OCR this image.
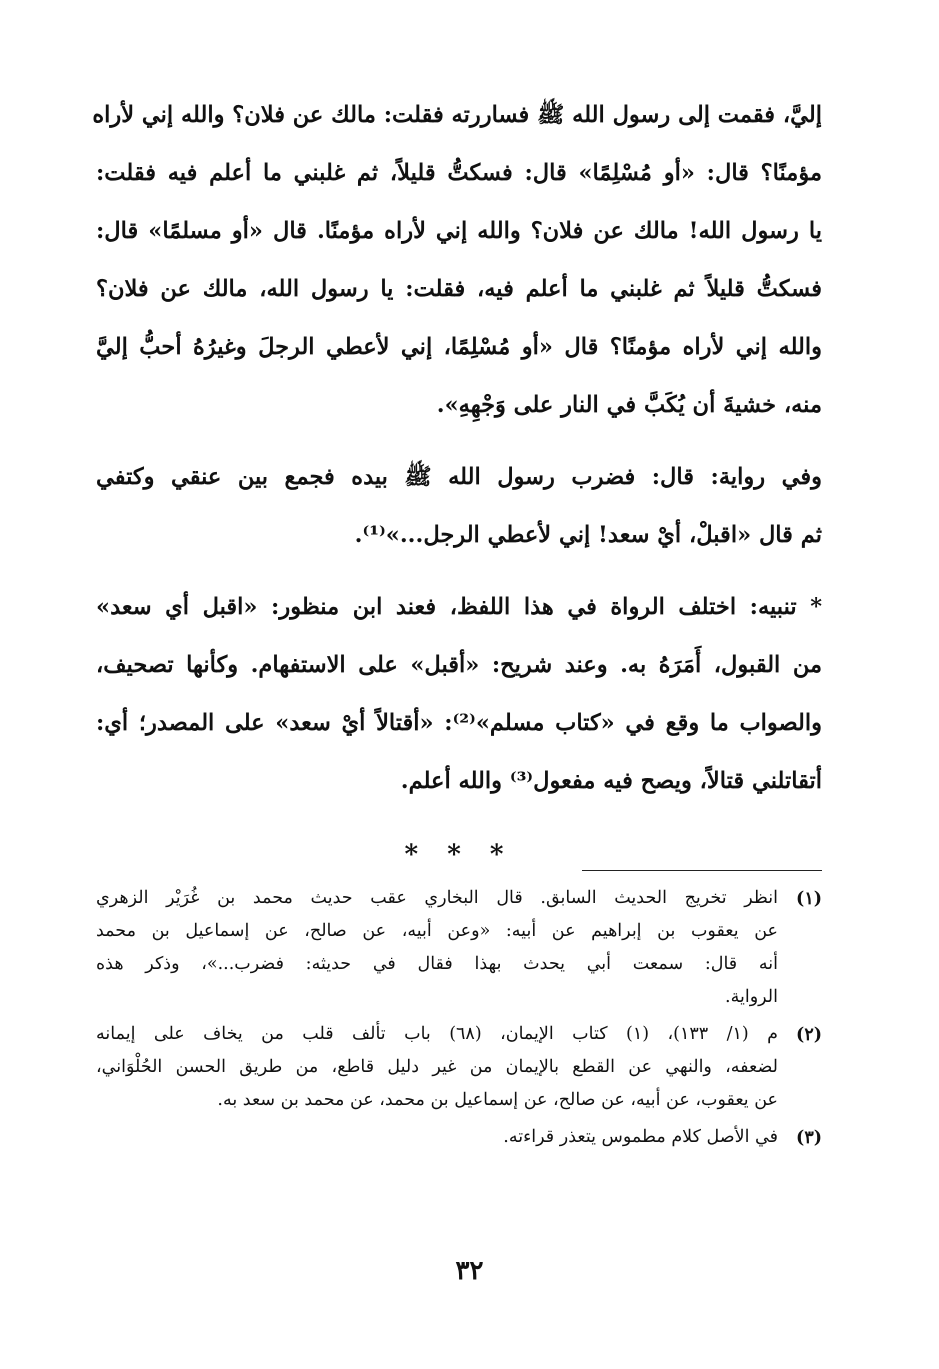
إليَّ، فقمت إلى رسول الله ﷺ فساررته فقلت: مالك عن فلان؟ والله إني لأراه
مؤمنًا؟ قال: «أو مُسْلِمًا» قال: فسكتُّ قليلاً، ثم غلبني ما أعلم فيه فقلت:
يا رسول الله! مالك عن فلان؟ والله إني لأراه مؤمنًا. قال «أو مسلمًا» قال:
فسكتُّ قليلاً ثم غلبني ما أعلم فيه، فقلت: يا رسول الله، مالك عن فلان؟
والله إني لأراه مؤمنًا؟ قال «أو مُسْلِمًا، إني لأعطي الرجلَ وغيرُهُ أحبُّ إليَّ
منه، خشيةَ أن يُكَبَّ في النار على وَجْهِهِ».
وفي رواية: قال: فضرب رسول الله ﷺ بيده فجمع بين عنقي وكتفي
ثم قال «اقبلْ، أيْ سعد! إني لأعطي الرجل...»⁽¹⁾.
* تنبيه: اختلف الرواة في هذا اللفظ، فعند ابن منظور: «اقبل أي سعد»
من القبول، أَمَرَهُ به. وعند شريح: «أقبل» على الاستفهام. وكأنها تصحيف،
والصواب ما وقع في «كتاب مسلم»⁽²⁾: «أقتالاً أيْ سعد» على المصدر؛ أي:
أتقاتلني قتالاً، ويصح فيه مفعول⁽³⁾ والله أعلم.
* * *
(١)
انظر تخريج الحديث السابق. قال البخاري عقب حديث محمد بن غُرَيْر الزهري
عن يعقوب بن إبراهيم عن أبيه: «وعن أبيه، عن صالح، عن إسماعيل بن محمد
أنه قال: سمعت أبي يحدث بهذا فقال في حديثه: فضرب...»، وذكر هذه
الرواية.
(٢)
م (١/ ١٣٣)، (١) كتاب الإيمان، (٦٨) باب تألف قلب من يخاف على إيمانه
لضعفه، والنهي عن القطع بالإيمان من غير دليل قاطع، من طريق الحسن الحُلْوَاني،
عن يعقوب، عن أبيه، عن صالح، عن إسماعيل بن محمد، عن محمد بن سعد به.
(٣)
في الأصل كلام مطموس يتعذر قراءته.
٣٢
